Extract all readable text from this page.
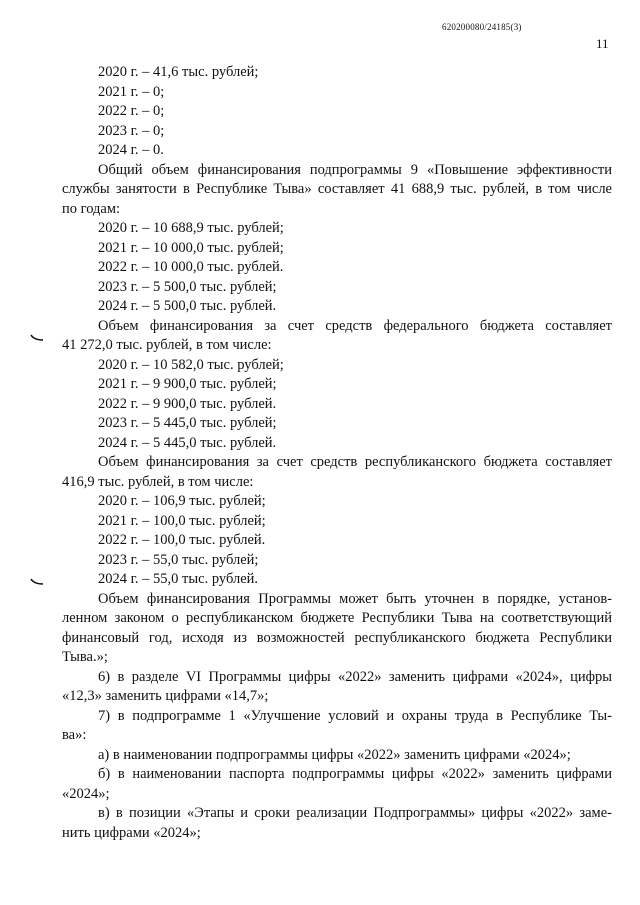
620200080/24185(3)
11
2020 г. – 41,6 тыс. рублей;
2021 г. – 0;
2022 г. – 0;
2023 г. – 0;
2024 г. – 0.
Общий объем финансирования подпрограммы 9 «Повышение эффективности
службы занятости в Республике Тыва» составляет 41 688,9 тыс. рублей, в том числе
по годам:
2020 г. – 10 688,9 тыс. рублей;
2021 г. – 10 000,0 тыс. рублей;
2022 г. – 10 000,0 тыс. рублей.
2023 г. – 5 500,0 тыс. рублей;
2024 г. – 5 500,0 тыс. рублей.
Объем финансирования за счет средств федерального бюджета составляет
41 272,0 тыс. рублей, в том числе:
2020 г. – 10 582,0 тыс. рублей;
2021 г. – 9 900,0 тыс. рублей;
2022 г. – 9 900,0 тыс. рублей.
2023 г. – 5 445,0 тыс. рублей;
2024 г. – 5 445,0 тыс. рублей.
Объем финансирования за счет средств республиканского бюджета составляет
416,9 тыс. рублей, в том числе:
2020 г. – 106,9 тыс. рублей;
2021 г. – 100,0 тыс. рублей;
2022 г. – 100,0 тыс. рублей.
2023 г. – 55,0 тыс. рублей;
2024 г. – 55,0 тыс. рублей.
Объем финансирования Программы может быть уточнен в порядке, установ-
ленном законом о республиканском бюджете Республики Тыва на соответствующий
финансовый год, исходя из возможностей республиканского бюджета Республики
Тыва.»;
6) в разделе VI Программы цифры «2022» заменить цифрами «2024», цифры
«12,3» заменить цифрами «14,7»;
7) в подпрограмме 1 «Улучшение условий и охраны труда в Республике Ты-
ва»:
а) в наименовании подпрограммы цифры «2022» заменить цифрами «2024»;
б) в наименовании паспорта подпрограммы цифры «2022» заменить цифрами
«2024»;
в) в позиции «Этапы и сроки реализации Подпрограммы» цифры «2022» заме-
нить цифрами «2024»;
